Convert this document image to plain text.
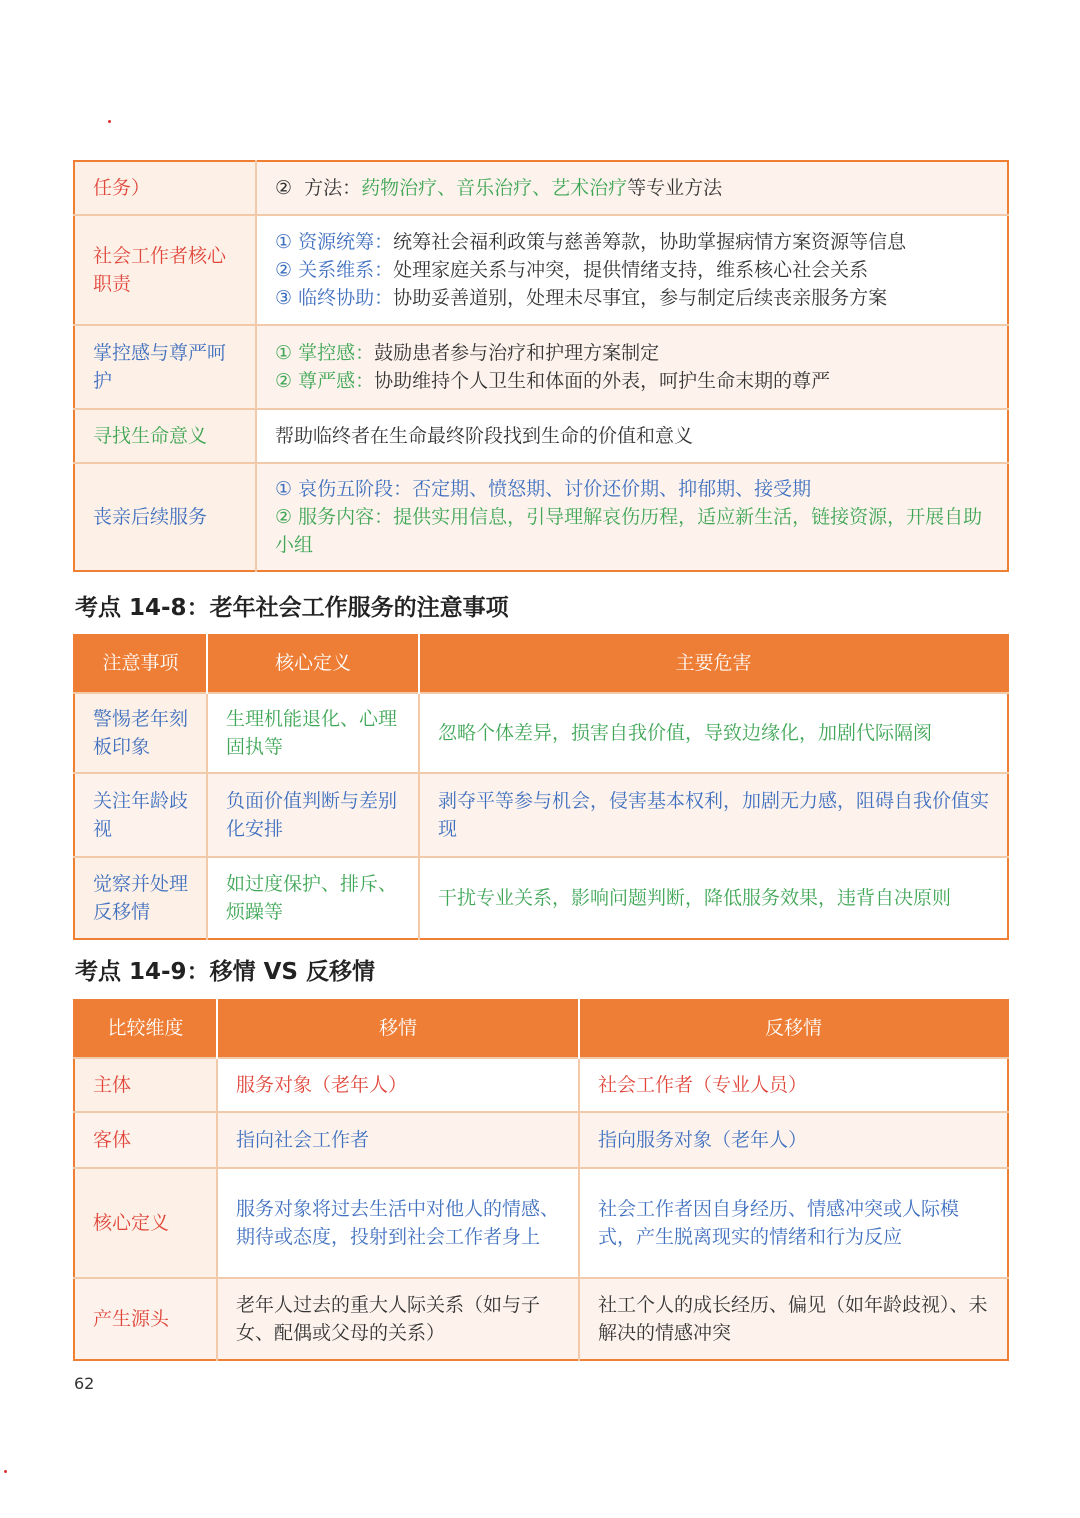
任务）	② 方法：药物治疗、音乐治疗、艺术治疗等专业方法

社会工作者核心职责	① 资源统筹：统筹社会福利政策与慈善筹款，协助掌握病情方案资源等信息
② 关系维系：处理家庭关系与冲突，提供情绪支持，维系核心社会关系
③ 临终协助：协助妥善道别，处理未尽事宜，参与制定后续丧亲服务方案

掌控感与尊严呵护	① 掌控感：鼓励患者参与治疗和护理方案制定
② 尊严感：协助维持个人卫生和体面的外表，呵护生命末期的尊严

寻找生命意义	帮助临终者在生命最终阶段找到生命的价值和意义

丧亲后续服务	① 哀伤五阶段：否定期、愤怒期、讨价还价期、抑郁期、接受期
② 服务内容：提供实用信息，引导理解哀伤历程，适应新生活，链接资源，开展自助小组
考点 14-8：老年社会工作服务的注意事项
注意事项	核心定义	主要危害
警惕老年刻板印象	生理机能退化、心理固执等	忽略个体差异，损害自我价值，导致边缘化，加剧代际隔阂
关注年龄歧视	负面价值判断与差别化安排	剥夺平等参与机会，侵害基本权利，加剧无力感，阻碍自我价值实现
觉察并处理反移情	如过度保护、排斥、烦躁等	干扰专业关系，影响问题判断，降低服务效果，违背自决原则
考点 14-9：移情 VS 反移情
比较维度	移情	反移情
主体	服务对象（老年人）	社会工作者（专业人员）
客体	指向社会工作者	指向服务对象（老年人）
核心定义	服务对象将过去生活中对他人的情感、期待或态度，投射到社会工作者身上	社会工作者因自身经历、情感冲突或人际模式，产生脱离现实的情绪和行为反应
产生源头	老年人过去的重大人际关系（如与子女、配偶或父母的关系）	社工个人的成长经历、偏见（如年龄歧视）、未解决的情感冲突
62
